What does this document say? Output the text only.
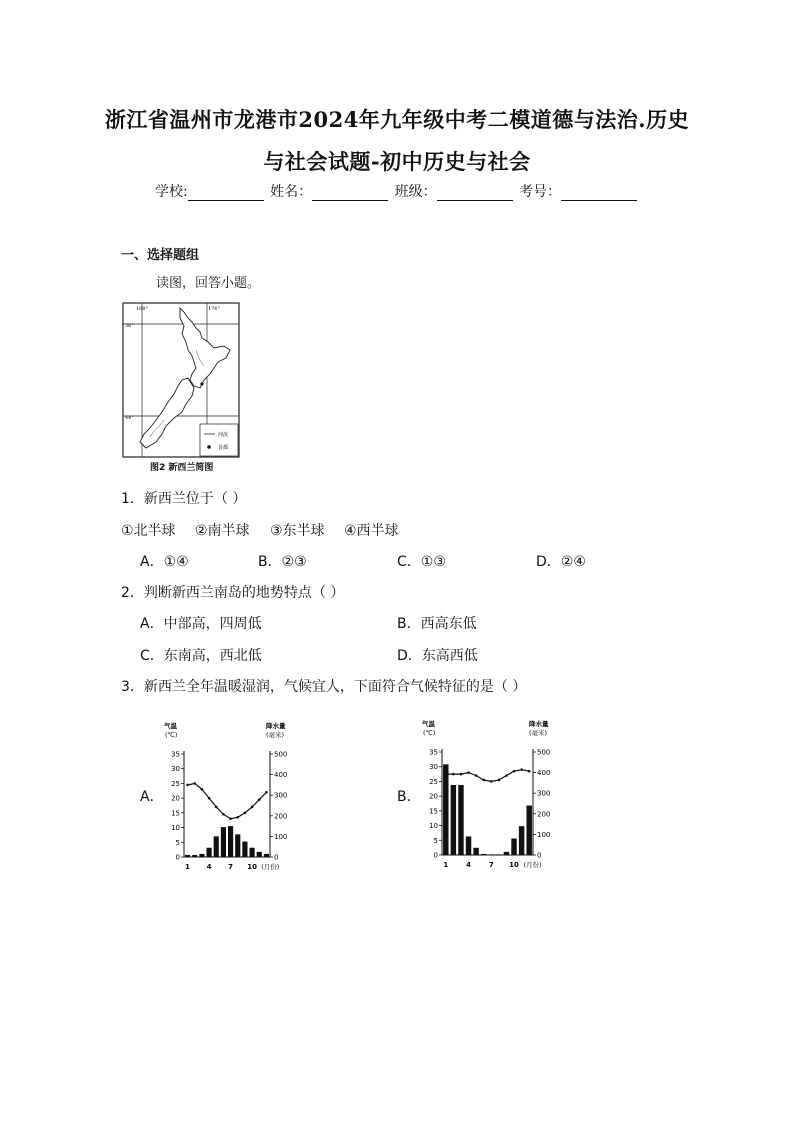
浙江省温州市龙港市2024年九年级中考二模道德与法治.历史
与社会试题-初中历史与社会
学校:	姓名：	班级：	考号：
一、选择题组
读图，回答小题。
168°	176°
36°
44°
河流
首都
图2 新西兰简图
1．新西兰位于（ ）
①北半球 ②南半球 ③东半球 ④西半球
A．①④	B．②③	C．①③	D．②④
2．判断新西兰南岛的地势特点（ ）
A．中部高，四周低	B．西高东低
C．东南高，西北低	D．东高西低
3．新西兰全年温暖湿润，气候宜人，下面符合气候特征的是（ ）
A．	B．
气温
(℃)
降水量
(毫米)
0
5
10
15
20
25
30
35
0
100
200
300
400
500
1 4 7 10 (月份)
气温
(℃)
降水量
(毫米)
0
5
10
15
20
25
30
35
0
100
200
300
400
500
1	4	7 10 (月份)
